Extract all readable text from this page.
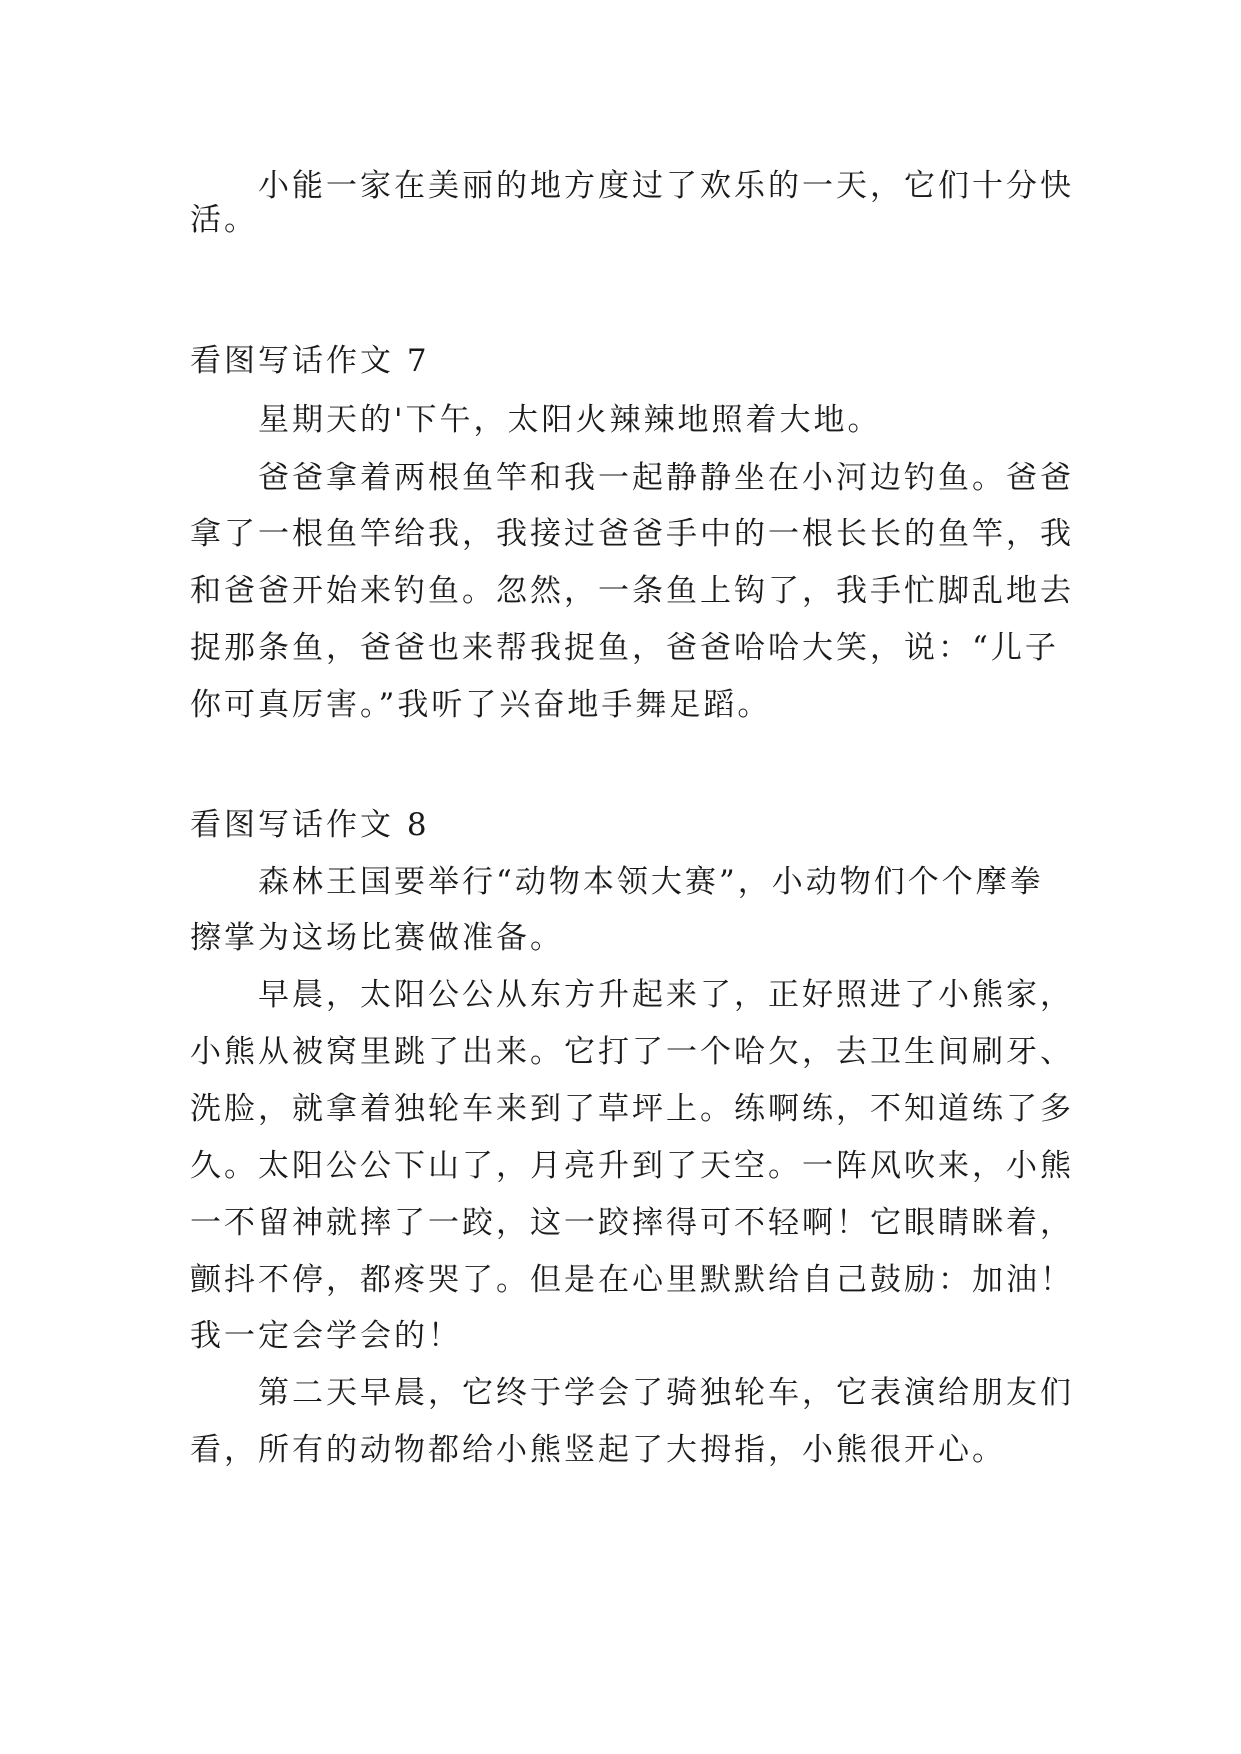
小能一家在美丽的地方度过了欢乐的一天，它们十分快
活。
看图写话作文 7
星期天的'下午，太阳火辣辣地照着大地。
爸爸拿着两根鱼竿和我一起静静坐在小河边钓鱼。爸爸
拿了一根鱼竿给我，我接过爸爸手中的一根长长的鱼竿，我
和爸爸开始来钓鱼。忽然，一条鱼上钩了，我手忙脚乱地去
捉那条鱼，爸爸也来帮我捉鱼，爸爸哈哈大笑，说：“儿子
你可真厉害。”我听了兴奋地手舞足蹈。
看图写话作文 8
森林王国要举行“动物本领大赛”，小动物们个个摩拳
擦掌为这场比赛做准备。
早晨，太阳公公从东方升起来了，正好照进了小熊家，
小熊从被窝里跳了出来。它打了一个哈欠，去卫生间刷牙、
洗脸，就拿着独轮车来到了草坪上。练啊练，不知道练了多
久。太阳公公下山了，月亮升到了天空。一阵风吹来，小熊
一不留神就摔了一跤，这一跤摔得可不轻啊！它眼睛眯着，
颤抖不停，都疼哭了。但是在心里默默给自己鼓励：加油！
我一定会学会的！
第二天早晨，它终于学会了骑独轮车，它表演给朋友们
看，所有的动物都给小熊竖起了大拇指，小熊很开心。
